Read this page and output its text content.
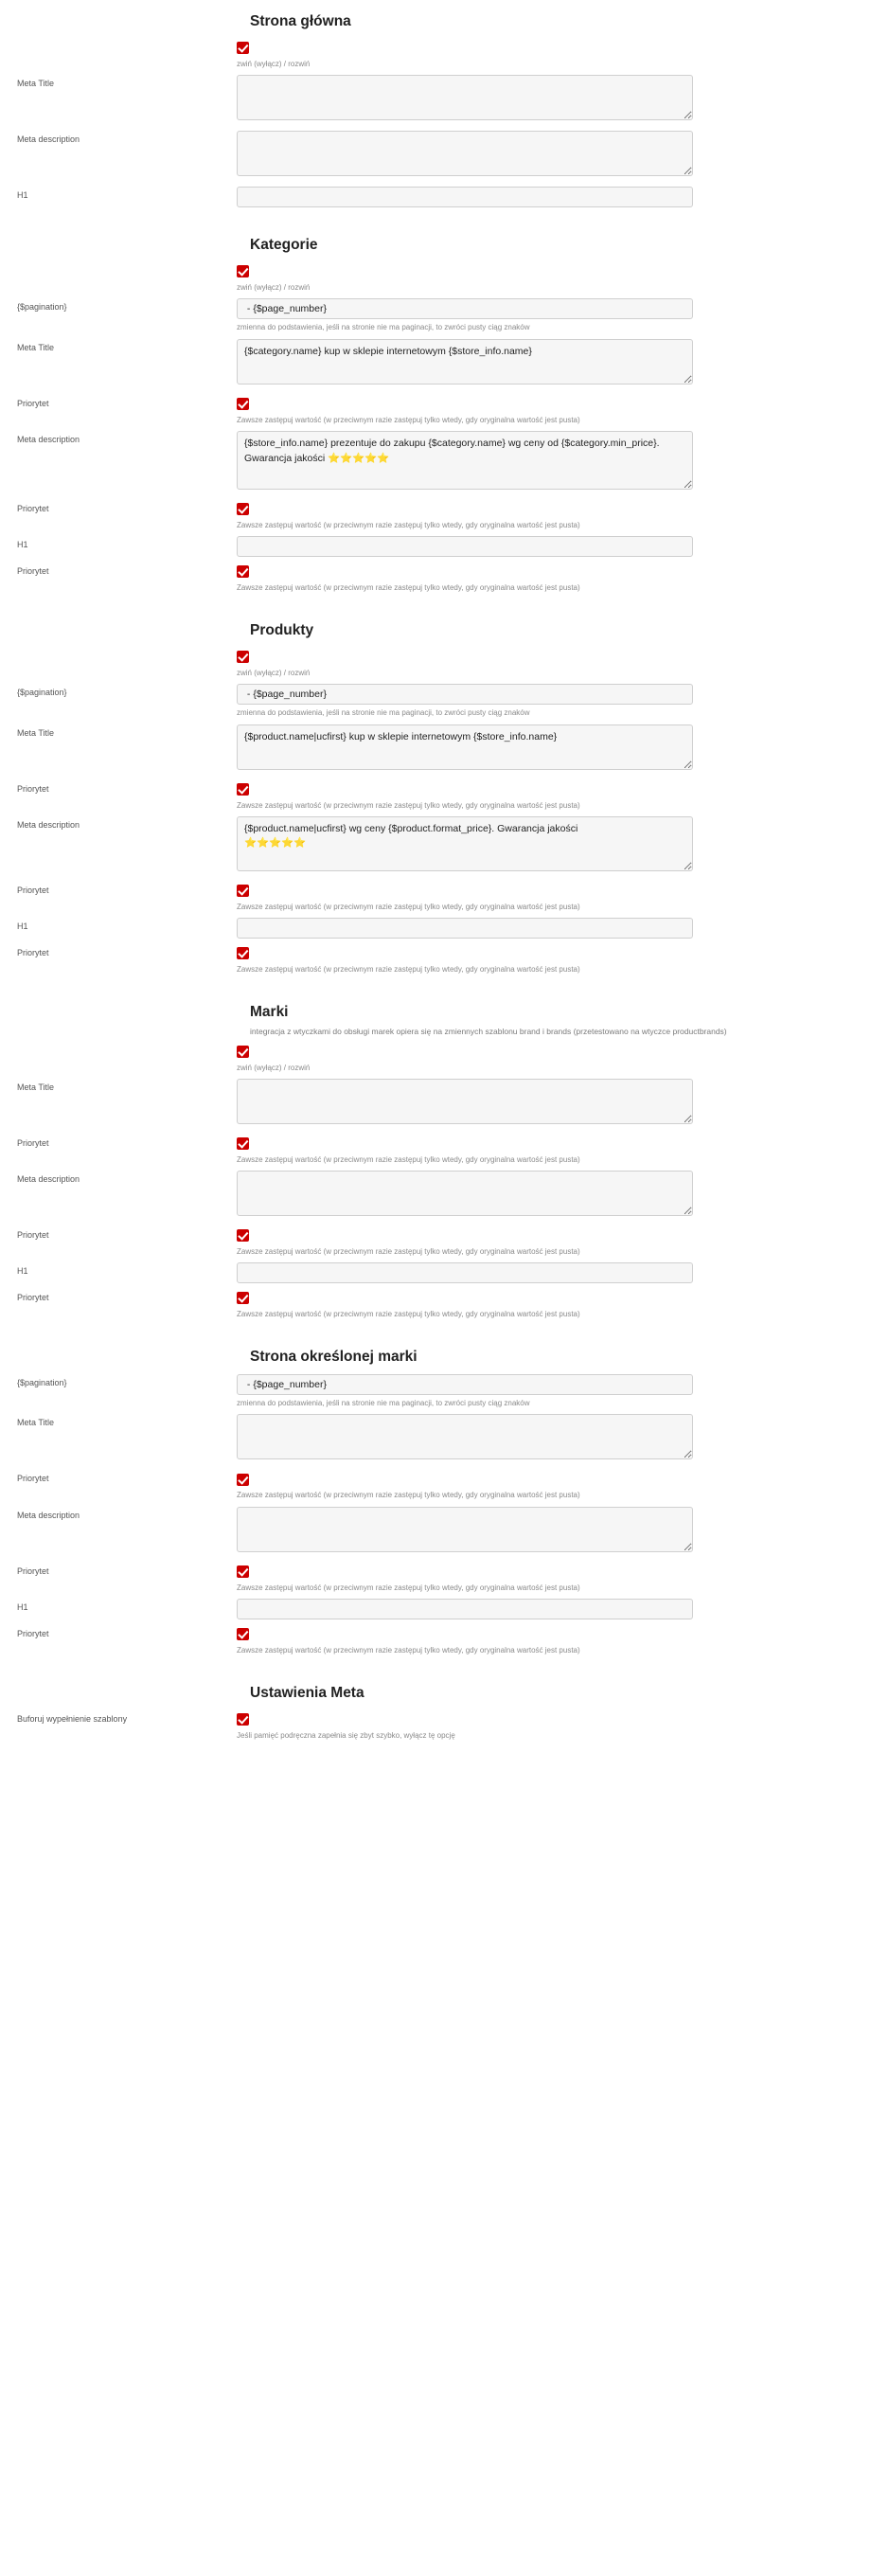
Strona główna
zwiń (wyłącz) / rozwiń
Meta Title
Meta description
H1
Kategorie
zwiń (wyłącz) / rozwiń
{$pagination}
- {$page_number}
zmienna do podstawienia, jeśli na stronie nie ma paginacji, to zwróci pusty ciąg znaków
Meta Title
{$category.name} kup w sklepie internetowym {$store_info.name}
Priorytet
Zawsze zastępuj wartość (w przeciwnym razie zastępuj tylko wtedy, gdy oryginalna wartość jest pusta)
Meta description
{$store_info.name} prezentuje do zakupu {$category.name} wg ceny od {$category.min_price}. Gwarancja jakości ⭐⭐⭐⭐⭐
Priorytet
Zawsze zastępuj wartość (w przeciwnym razie zastępuj tylko wtedy, gdy oryginalna wartość jest pusta)
H1
Priorytet
Zawsze zastępuj wartość (w przeciwnym razie zastępuj tylko wtedy, gdy oryginalna wartość jest pusta)
Produkty
zwiń (wyłącz) / rozwiń
{$pagination}
- {$page_number}
zmienna do podstawienia, jeśli na stronie nie ma paginacji, to zwróci pusty ciąg znaków
Meta Title
{$product.name|ucfirst} kup w sklepie internetowym {$store_info.name}
Priorytet
Zawsze zastępuj wartość (w przeciwnym razie zastępuj tylko wtedy, gdy oryginalna wartość jest pusta)
Meta description
{$product.name|ucfirst} wg ceny {$product.format_price}. Gwarancja jakości ⭐⭐⭐⭐⭐
Priorytet
Zawsze zastępuj wartość (w przeciwnym razie zastępuj tylko wtedy, gdy oryginalna wartość jest pusta)
H1
Priorytet
Zawsze zastępuj wartość (w przeciwnym razie zastępuj tylko wtedy, gdy oryginalna wartość jest pusta)
Marki
integracja z wtyczkami do obsługi marek opiera się na zmiennych szablonu brand i brands (przetestowano na wtyczce productbrands)
zwiń (wyłącz) / rozwiń
Meta Title
Priorytet
Zawsze zastępuj wartość (w przeciwnym razie zastępuj tylko wtedy, gdy oryginalna wartość jest pusta)
Meta description
Priorytet
Zawsze zastępuj wartość (w przeciwnym razie zastępuj tylko wtedy, gdy oryginalna wartość jest pusta)
H1
Priorytet
Zawsze zastępuj wartość (w przeciwnym razie zastępuj tylko wtedy, gdy oryginalna wartość jest pusta)
Strona określonej marki
{$pagination}
- {$page_number}
zmienna do podstawienia, jeśli na stronie nie ma paginacji, to zwróci pusty ciąg znaków
Meta Title
Priorytet
Zawsze zastępuj wartość (w przeciwnym razie zastępuj tylko wtedy, gdy oryginalna wartość jest pusta)
Meta description
Priorytet
Zawsze zastępuj wartość (w przeciwnym razie zastępuj tylko wtedy, gdy oryginalna wartość jest pusta)
H1
Priorytet
Zawsze zastępuj wartość (w przeciwnym razie zastępuj tylko wtedy, gdy oryginalna wartość jest pusta)
Ustawienia Meta
Buforuj wypełnienie szablony
Jeśli pamięć podręczna zapełnia się zbyt szybko, wyłącz tę opcję
